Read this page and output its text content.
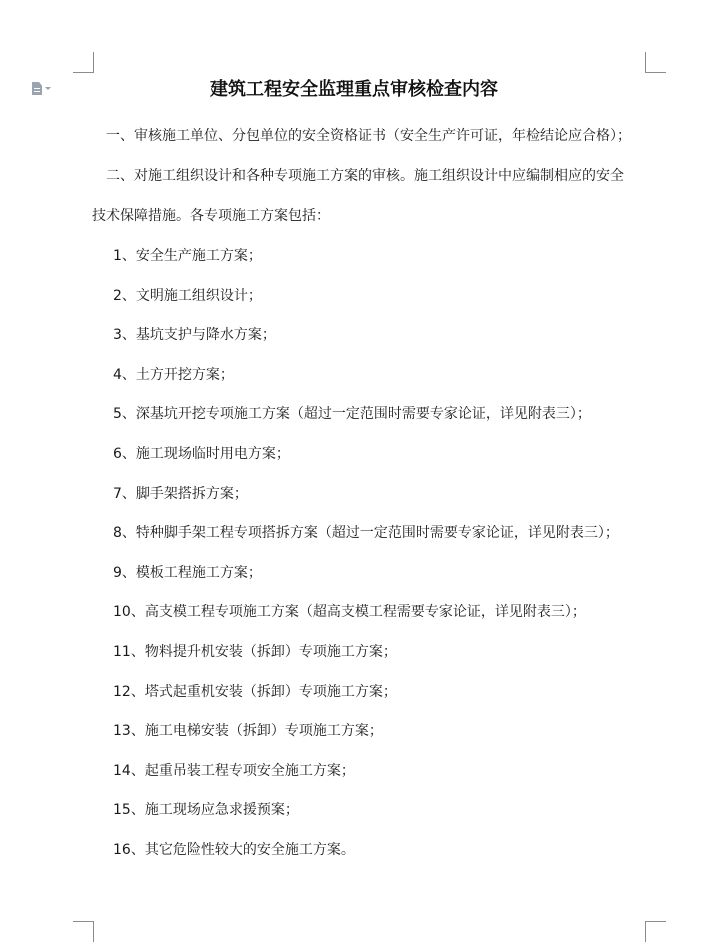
建筑工程安全监理重点审核检查内容

一、审核施工单位、分包单位的安全资格证书（安全生产许可证，年检结论应合格）；

二、对施工组织设计和各种专项施工方案的审核。施工组织设计中应编制相应的安全

技术保障措施。各专项施工方案包括：

1、安全生产施工方案；

2、文明施工组织设计；

3、基坑支护与降水方案；

4、土方开挖方案；

5、深基坑开挖专项施工方案（超过一定范围时需要专家论证，详见附表三）；

6、施工现场临时用电方案；

7、脚手架搭拆方案；

8、特种脚手架工程专项搭拆方案（超过一定范围时需要专家论证，详见附表三）；

9、模板工程施工方案；

10、高支模工程专项施工方案（超高支模工程需要专家论证，详见附表三）；

11、物料提升机安装（拆卸）专项施工方案；

12、塔式起重机安装（拆卸）专项施工方案；

13、施工电梯安装（拆卸）专项施工方案；

14、起重吊装工程专项安全施工方案；

15、施工现场应急求援预案；

16、其它危险性较大的安全施工方案。
